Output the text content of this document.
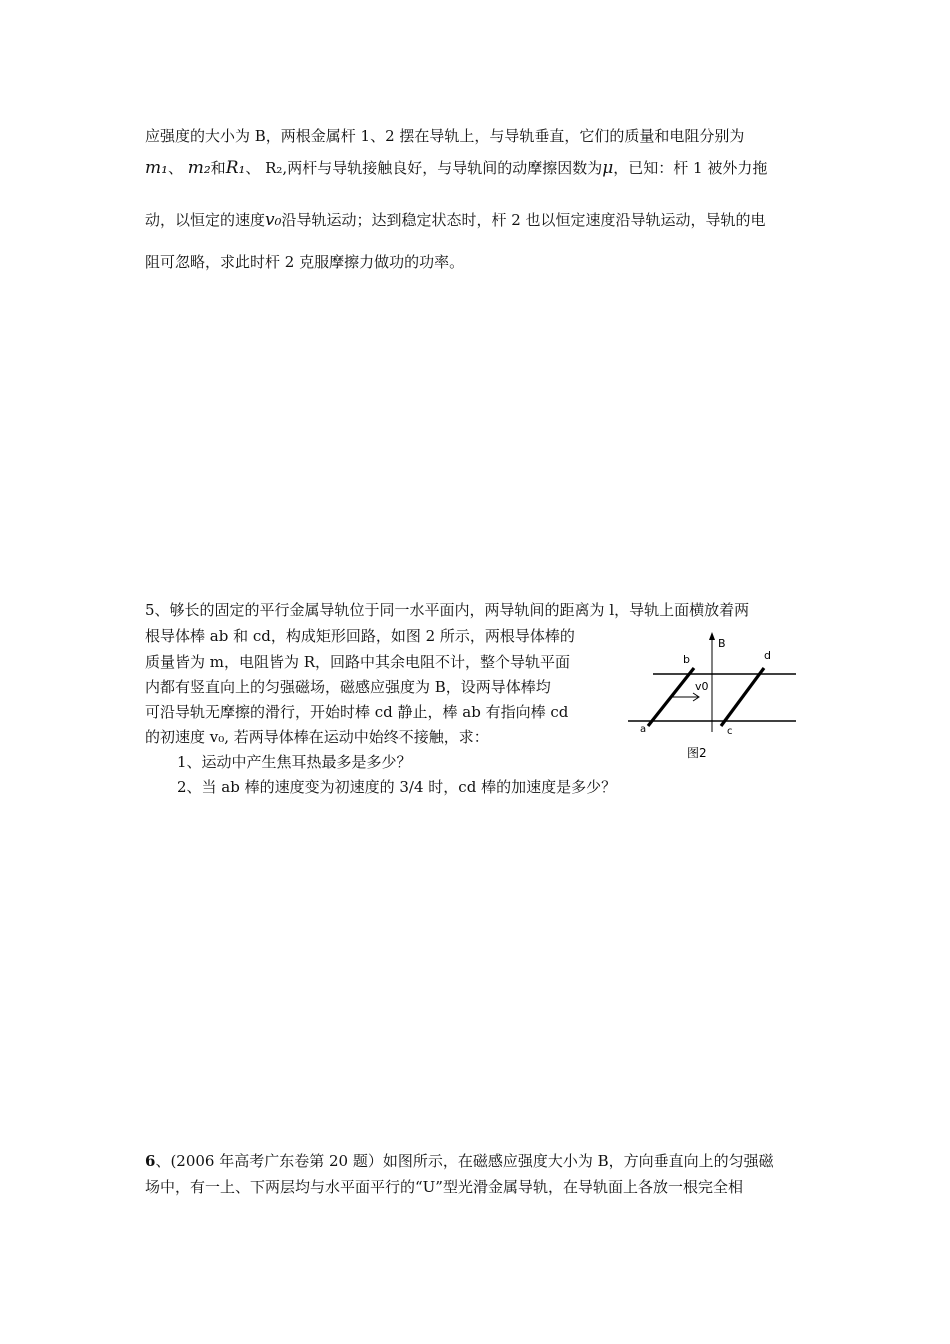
应强度的大小为 B，两根金属杆 1、2 摆在导轨上，与导轨垂直，它们的质量和电阻分别为
m₁、 m₂和R₁、 R₂,两杆与导轨接触良好，与导轨间的动摩擦因数为μ，已知：杆 1 被外力拖
动，以恒定的速度v₀沿导轨运动；达到稳定状态时，杆 2 也以恒定速度沿导轨运动，导轨的电
阻可忽略，求此时杆 2 克服摩擦力做功的功率。
5、够长的固定的平行金属导轨位于同一水平面内，两导轨间的距离为 l，导轨上面横放着两
根导体棒 ab 和 cd，构成矩形回路，如图 2 所示，两根导体棒的
质量皆为 m，电阻皆为 R，回路中其余电阻不计，整个导轨平面
内都有竖直向上的匀强磁场，磁感应强度为 B，设两导体棒均
可沿导轨无摩擦的滑行，开始时棒 cd 静止，棒 ab 有指向棒 cd
的初速度 v₀, 若两导体棒在运动中始终不接触，求：
1、运动中产生焦耳热最多是多少？
2、当 ab 棒的速度变为初速度的 3/4 时，cd 棒的加速度是多少？
B
v0
b	d
a	c
图2
6、(2006 年高考广东卷第 20 题）如图所示，在磁感应强度大小为 B，方向垂直向上的匀强磁
场中，有一上、下两层均与水平面平行的“U”型光滑金属导轨，在导轨面上各放一根完全相
